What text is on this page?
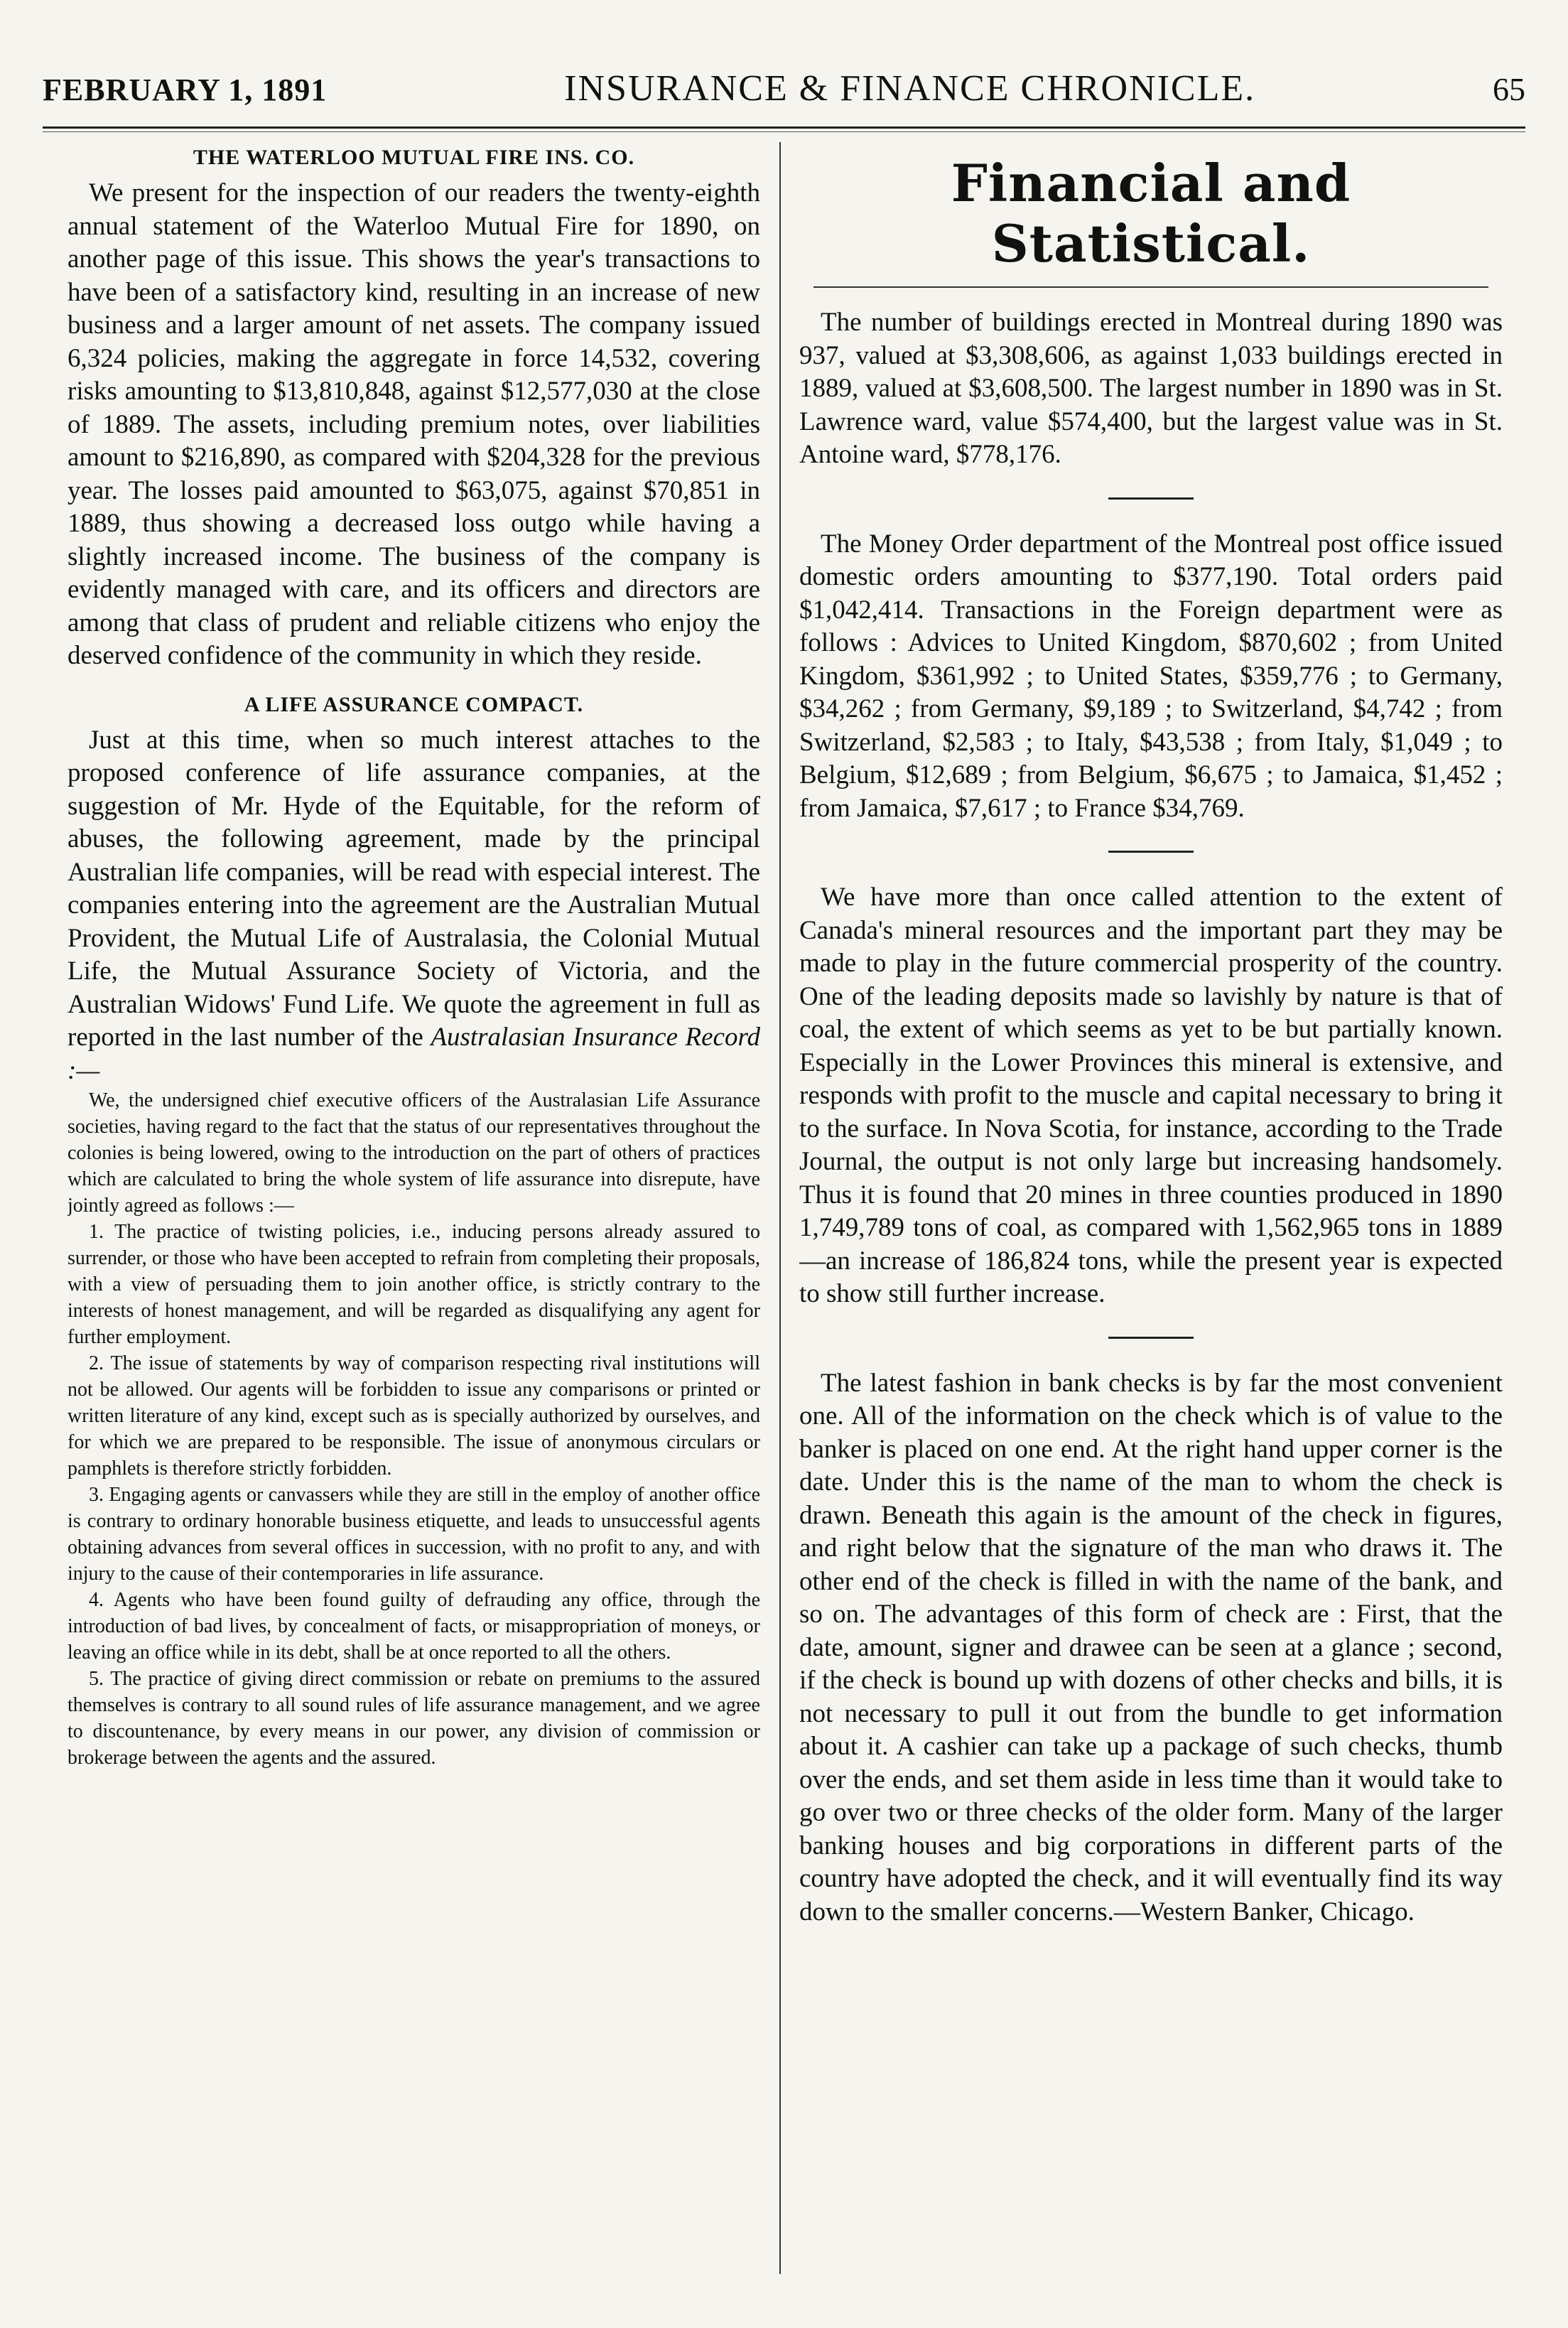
FEBRUARY 1, 1891	INSURANCE & FINANCE CHRONICLE.	65
THE WATERLOO MUTUAL FIRE INS. CO.

We present for the inspection of our readers the twenty-eighth annual statement of the Waterloo Mutual Fire for 1890, on another page of this issue. This shows the year's transactions to have been of a satisfactory kind, resulting in an increase of new business and a larger amount of net assets. The company issued 6,324 policies, making the aggregate in force 14,532, covering risks amounting to $13,810,848, against $12,577,030 at the close of 1889. The assets, including premium notes, over liabilities amount to $216,890, as compared with $204,328 for the previous year. The losses paid amounted to $63,075, against $70,851 in 1889, thus showing a decreased loss outgo while having a slightly increased income. The business of the company is evidently managed with care, and its officers and directors are among that class of prudent and reliable citizens who enjoy the deserved confidence of the community in which they reside.

A LIFE ASSURANCE COMPACT.

Just at this time, when so much interest attaches to the proposed conference of life assurance companies, at the suggestion of Mr. Hyde of the Equitable, for the reform of abuses, the following agreement, made by the principal Australian life companies, will be read with especial interest. The companies entering into the agreement are the Australian Mutual Provident, the Mutual Life of Australasia, the Colonial Mutual Life, the Mutual Assurance Society of Victoria, and the Australian Widows' Fund Life. We quote the agreement in full as reported in the last number of the Australasian Insurance Record :—

We, the undersigned chief executive officers of the Australasian Life Assurance societies, having regard to the fact that the status of our representatives throughout the colonies is being lowered, owing to the introduction on the part of others of practices which are calculated to bring the whole system of life assurance into disrepute, have jointly agreed as follows :—

1. The practice of twisting policies, i.e., inducing persons already assured to surrender, or those who have been accepted to refrain from completing their proposals, with a view of persuading them to join another office, is strictly contrary to the interests of honest management, and will be regarded as disqualifying any agent for further employment.

2. The issue of statements by way of comparison respecting rival institutions will not be allowed. Our agents will be forbidden to issue any comparisons or printed or written literature of any kind, except such as is specially authorized by ourselves, and for which we are prepared to be responsible. The issue of anonymous circulars or pamphlets is therefore strictly forbidden.

3. Engaging agents or canvassers while they are still in the employ of another office is contrary to ordinary honorable business etiquette, and leads to unsuccessful agents obtaining advances from several offices in succession, with no profit to any, and with injury to the cause of their contemporaries in life assurance.

4. Agents who have been found guilty of defrauding any office, through the introduction of bad lives, by concealment of facts, or misappropriation of moneys, or leaving an office while in its debt, shall be at once reported to all the others.

5. The practice of giving direct commission or rebate on premiums to the assured themselves is contrary to all sound rules of life assurance management, and we agree to discountenance, by every means in our power, any division of commission or brokerage between the agents and the assured.

Financial and Statistical.

The number of buildings erected in Montreal during 1890 was 937, valued at $3,308,606, as against 1,033 buildings erected in 1889, valued at $3,608,500. The largest number in 1890 was in St. Lawrence ward, value $574,400, but the largest value was in St. Antoine ward, $778,176.

The Money Order department of the Montreal post office issued domestic orders amounting to $377,190. Total orders paid $1,042,414. Transactions in the Foreign department were as follows : Advices to United Kingdom, $870,602 ; from United Kingdom, $361,992 ; to United States, $359,776 ; to Germany, $34,262 ; from Germany, $9,189 ; to Switzerland, $4,742 ; from Switzerland, $2,583 ; to Italy, $43,538 ; from Italy, $1,049 ; to Belgium, $12,689 ; from Belgium, $6,675 ; to Jamaica, $1,452 ; from Jamaica, $7,617 ; to France $34,769.

We have more than once called attention to the extent of Canada's mineral resources and the important part they may be made to play in the future commercial prosperity of the country. One of the leading deposits made so lavishly by nature is that of coal, the extent of which seems as yet to be but partially known. Especially in the Lower Provinces this mineral is extensive, and responds with profit to the muscle and capital necessary to bring it to the surface. In Nova Scotia, for instance, according to the Trade Journal, the output is not only large but increasing handsomely. Thus it is found that 20 mines in three counties produced in 1890 1,749,789 tons of coal, as compared with 1,562,965 tons in 1889—an increase of 186,824 tons, while the present year is expected to show still further increase.

The latest fashion in bank checks is by far the most convenient one. All of the information on the check which is of value to the banker is placed on one end. At the right hand upper corner is the date. Under this is the name of the man to whom the check is drawn. Beneath this again is the amount of the check in figures, and right below that the signature of the man who draws it. The other end of the check is filled in with the name of the bank, and so on. The advantages of this form of check are : First, that the date, amount, signer and drawee can be seen at a glance ; second, if the check is bound up with dozens of other checks and bills, it is not necessary to pull it out from the bundle to get information about it. A cashier can take up a package of such checks, thumb over the ends, and set them aside in less time than it would take to go over two or three checks of the older form. Many of the larger banking houses and big corporations in different parts of the country have adopted the check, and it will eventually find its way down to the smaller concerns.—Western Banker, Chicago.
